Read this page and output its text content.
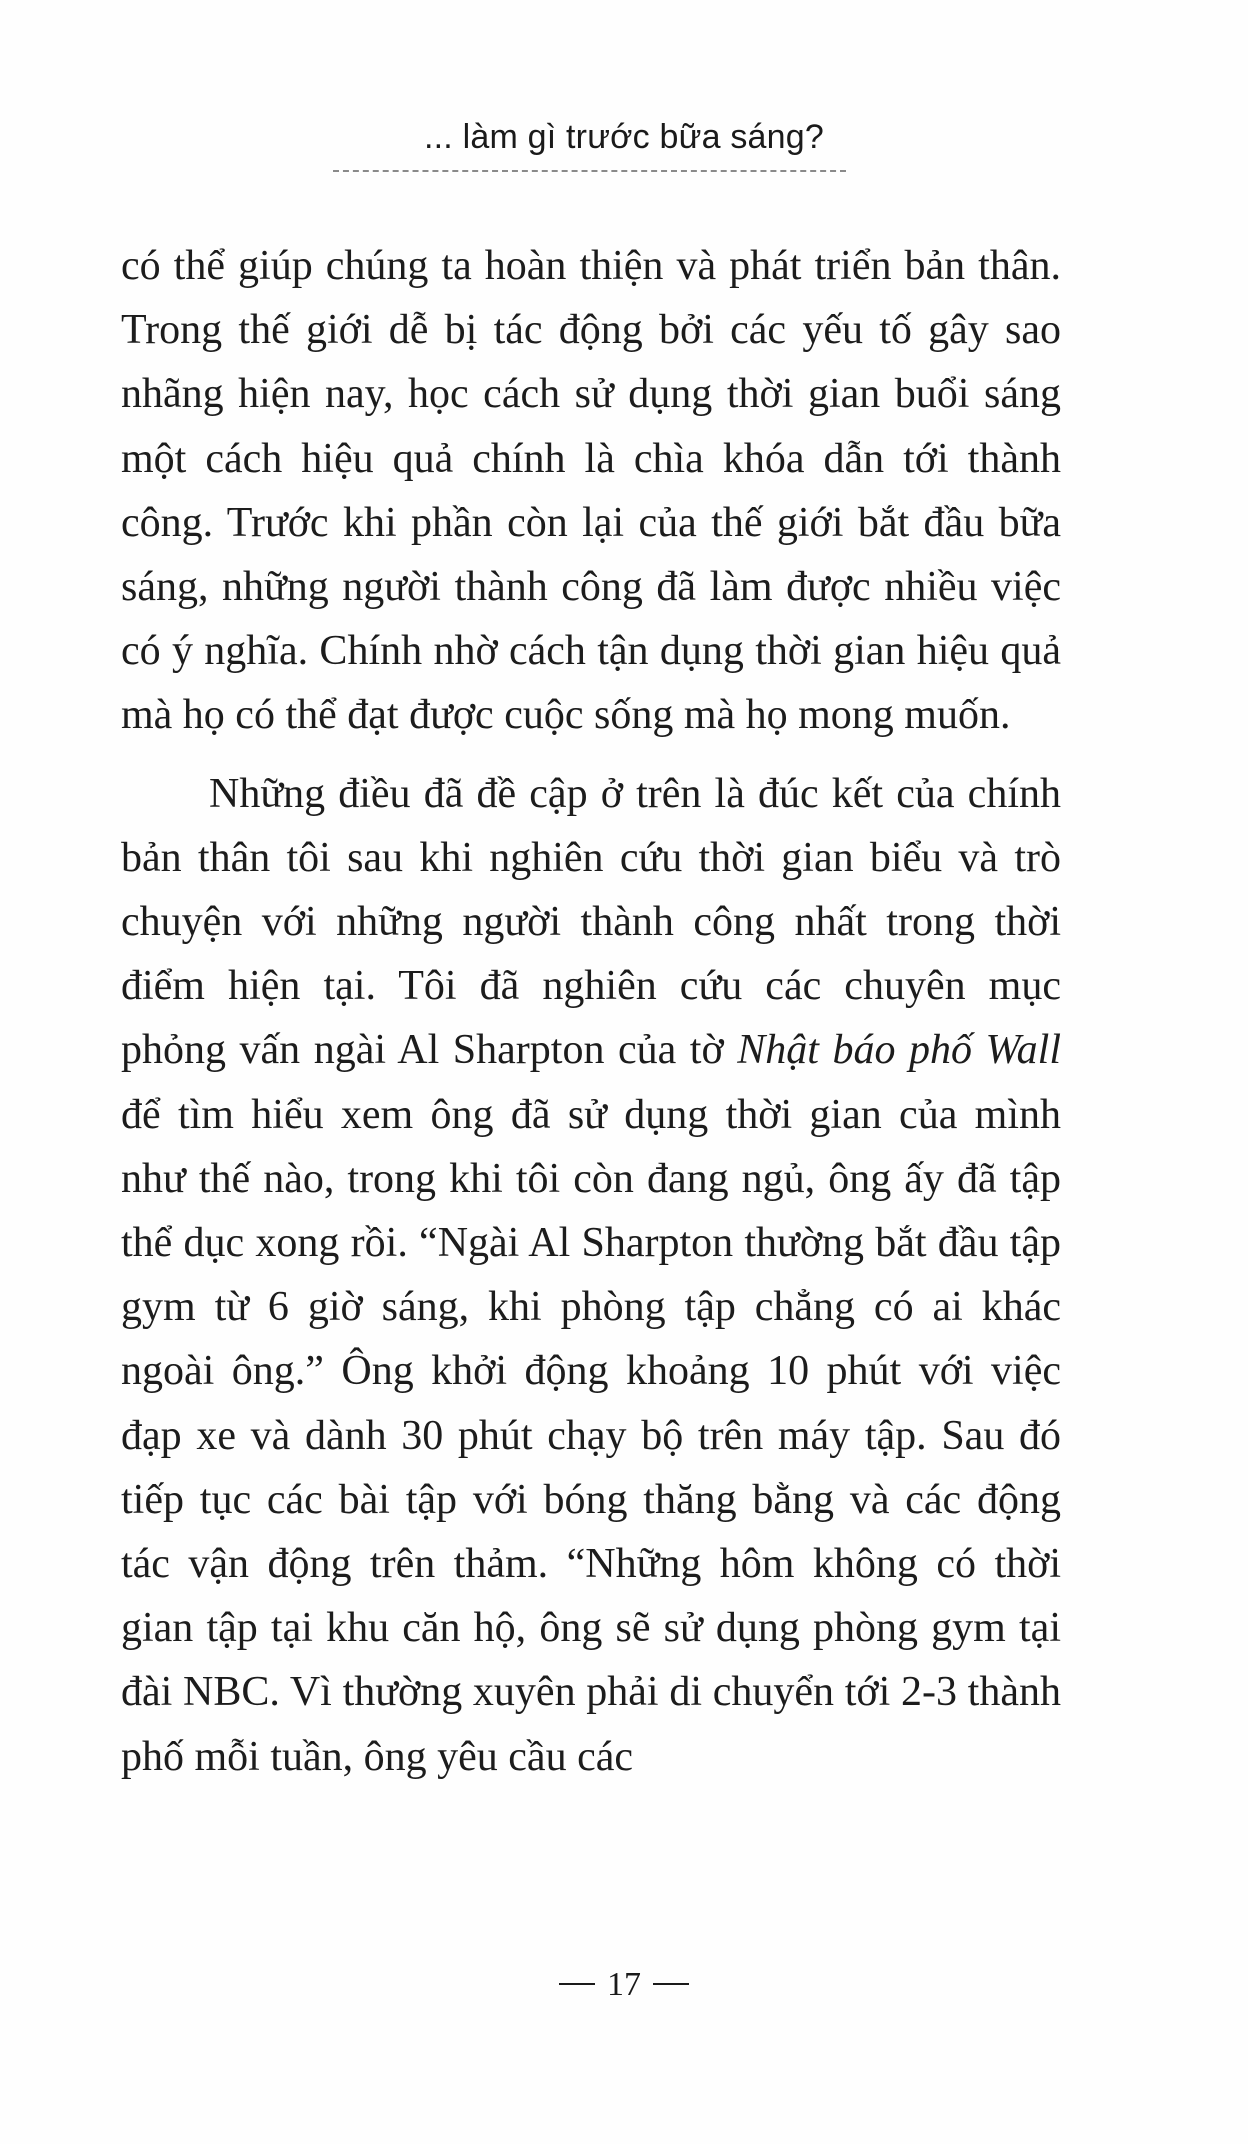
... làm gì trước bữa sáng?

có thể giúp chúng ta hoàn thiện và phát triển bản thân. Trong thế giới dễ bị tác động bởi các yếu tố gây sao nhãng hiện nay, học cách sử dụng thời gian buổi sáng một cách hiệu quả chính là chìa khóa dẫn tới thành công. Trước khi phần còn lại của thế giới bắt đầu bữa sáng, những người thành công đã làm được nhiều việc có ý nghĩa. Chính nhờ cách tận dụng thời gian hiệu quả mà họ có thể đạt được cuộc sống mà họ mong muốn.

Những điều đã đề cập ở trên là đúc kết của chính bản thân tôi sau khi nghiên cứu thời gian biểu và trò chuyện với những người thành công nhất trong thời điểm hiện tại. Tôi đã nghiên cứu các chuyên mục phỏng vấn ngài Al Sharpton của tờ Nhật báo phố Wall để tìm hiểu xem ông đã sử dụng thời gian của mình như thế nào, trong khi tôi còn đang ngủ, ông ấy đã tập thể dục xong rồi. “Ngài Al Sharpton thường bắt đầu tập gym từ 6 giờ sáng, khi phòng tập chẳng có ai khác ngoài ông.” Ông khởi động khoảng 10 phút với việc đạp xe và dành 30 phút chạy bộ trên máy tập. Sau đó tiếp tục các bài tập với bóng thăng bằng và các động tác vận động trên thảm. “Những hôm không có thời gian tập tại khu căn hộ, ông sẽ sử dụng phòng gym tại đài NBC. Vì thường xuyên phải di chuyển tới 2-3 thành phố mỗi tuần, ông yêu cầu các

17
